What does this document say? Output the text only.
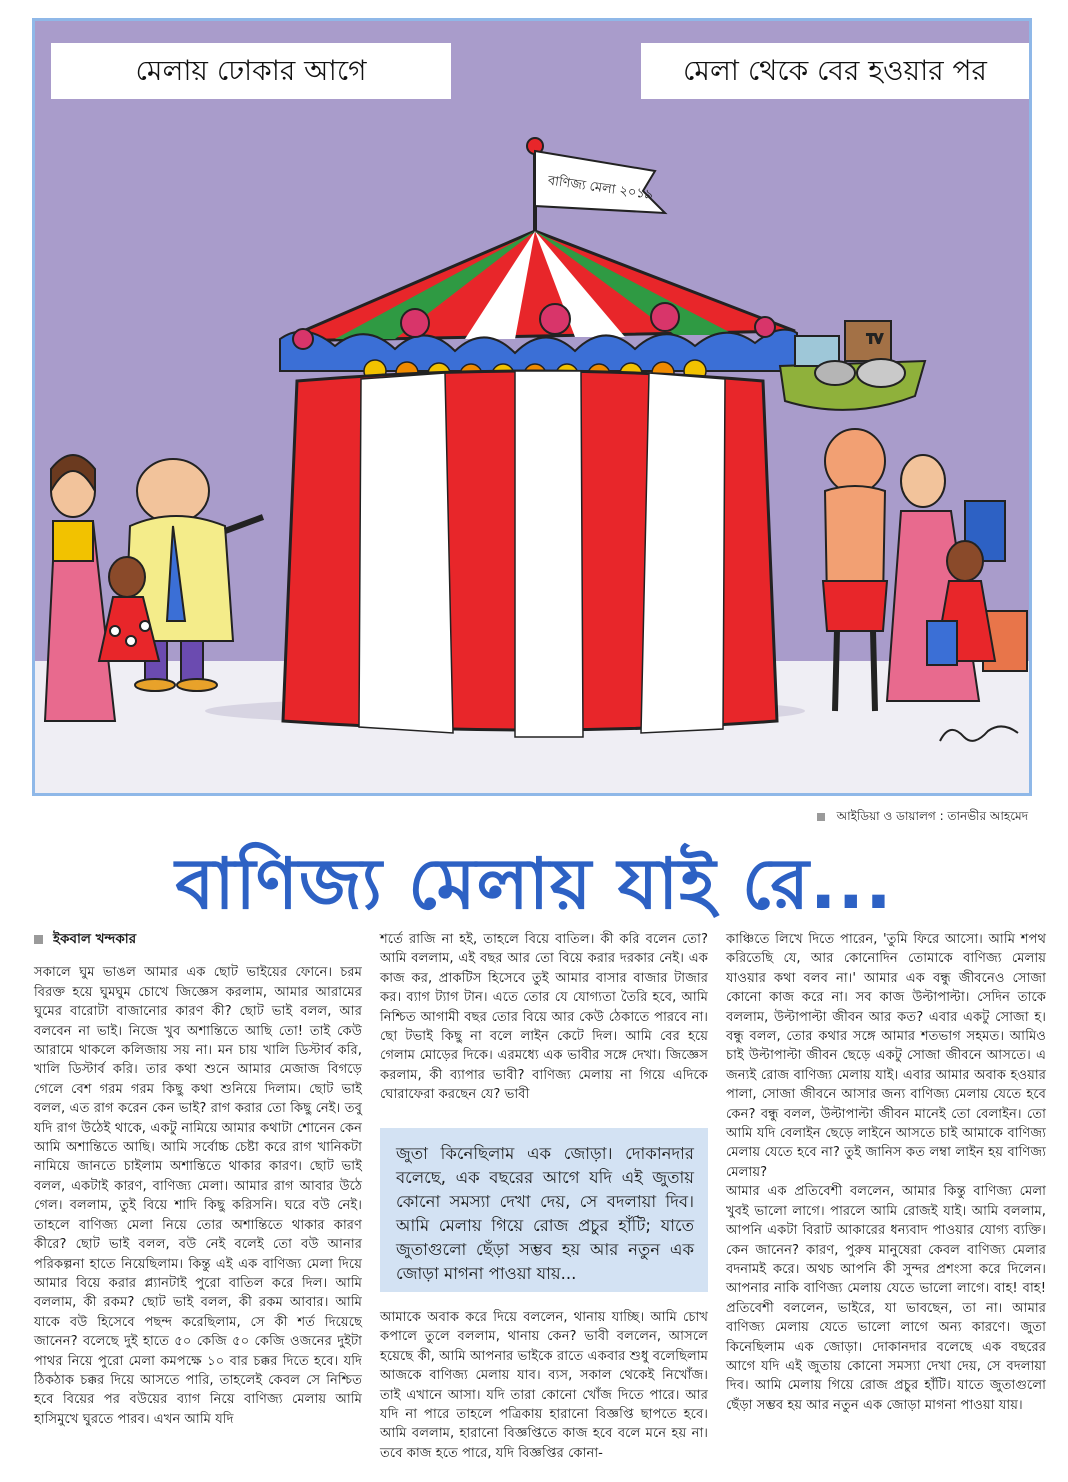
বাণিজ্য মেলা ২০১৯
TV
মেলায় ঢোকার আগে	মেলা থেকে বের হওয়ার পর
আইডিয়া ও ডায়ালগ : তানভীর আহমেদ
বাণিজ্য মেলায় যাই রে...
ইকবাল খন্দকার
সকালে ঘুম ভাঙল আমার এক ছোট ভাইয়ের ফোনে। চরম বিরক্ত হয়ে ঘুমঘুম চোখে জিজ্ঞেস করলাম, আমার আরামের ঘুমের বারোটা বাজানোর কারণ কী? ছোট ভাই বলল, আর বলবেন না ভাই। নিজে খুব অশান্তিতে আছি তো! তাই কেউ আরামে থাকলে কলিজায় সয় না। মন চায় খালি ডিস্টার্ব করি, খালি ডিস্টার্ব করি। তার কথা শুনে আমার মেজাজ বিগড়ে গেলে বেশ গরম গরম কিছু কথা শুনিয়ে দিলাম। ছোট ভাই বলল, এত রাগ করেন কেন ভাই? রাগ করার তো কিছু নেই। তবু যদি রাগ উঠেই থাকে, একটু নামিয়ে আমার কথাটা শোনেন কেন আমি অশান্তিতে আছি। আমি সর্বোচ্চ চেষ্টা করে রাগ খানিকটা নামিয়ে জানতে চাইলাম অশান্তিতে থাকার কারণ। ছোট ভাই বলল, একটাই কারণ, বাণিজ্য মেলা। আমার রাগ আবার উঠে গেল। বললাম, তুই বিয়ে শাদি কিছু করিসনি। ঘরে বউ নেই। তাহলে বাণিজ্য মেলা নিয়ে তোর অশান্তিতে থাকার কারণ কীরে? ছোট ভাই বলল, বউ নেই বলেই তো বউ আনার পরিকল্পনা হাতে নিয়েছিলাম। কিন্তু এই এক বাণিজ্য মেলা দিয়ে আমার বিয়ে করার প্ল্যানটাই পুরো বাতিল করে দিল। আমি বললাম, কী রকম? ছোট ভাই বলল, কী রকম আবার। আমি যাকে বউ হিসেবে পছন্দ করেছিলাম, সে কী শর্ত দিয়েছে জানেন? বলেছে দুই হাতে ৫০ কেজি ৫০ কেজি ওজনের দুইটা পাথর নিয়ে পুরো মেলা কমপক্ষে ১০ বার চক্কর দিতে হবে। যদি ঠিকঠাক চক্কর দিয়ে আসতে পারি, তাহলেই কেবল সে নিশ্চিত হবে বিয়ের পর বউয়ের ব্যাগ নিয়ে বাণিজ্য মেলায় আমি হাসিমুখে ঘুরতে পারব। এখন আমি যদি
শর্তে রাজি না হই, তাহলে বিয়ে বাতিল। কী করি বলেন তো? আমি বললাম, এই বছর আর তো বিয়ে করার দরকার নেই। এক কাজ কর, প্রাকটিস হিসেবে তুই আমার বাসার বাজার টাজার কর। ব্যাগ ট্যাগ টান। এতে তোর যে যোগ্যতা তৈরি হবে, আমি নিশ্চিত আগামী বছর তোর বিয়ে আর কেউ ঠেকাতে পারবে না। ছো টভাই কিছু না বলে লাইন কেটে দিল। আমি বের হয়ে গেলাম মোড়ের দিকে। এরমধ্যে এক ভাবীর সঙ্গে দেখা। জিজ্ঞেস করলাম, কী ব্যাপার ভাবী? বাণিজ্য মেলায় না গিয়ে এদিকে ঘোরাফেরা করছেন যে? ভাবী
জুতা কিনেছিলাম এক জোড়া। দোকানদার বলেছে, এক বছরের আগে যদি এই জুতায় কোনো সমস্যা দেখা দেয়, সে বদলায়া দিব। আমি মেলায় গিয়ে রোজ প্রচুর হাঁটি; যাতে জুতাগুলো ছেঁড়া সম্ভব হয় আর নতুন এক জোড়া মাগনা পাওয়া যায়...
আমাকে অবাক করে দিয়ে বললেন, থানায় যাচ্ছি। আমি চোখ কপালে তুলে বললাম, থানায় কেন? ভাবী বললেন, আসলে হয়েছে কী, আমি আপনার ভাইকে রাতে একবার শুধু বলেছিলাম আজকে বাণিজ্য মেলায় যাব। ব্যস, সকাল থেকেই নিখোঁজ। তাই এখানে আসা। যদি তারা কোনো খোঁজ দিতে পারে। আর যদি না পারে তাহলে পত্রিকায় হারানো বিজ্ঞপ্তি ছাপতে হবে। আমি বললাম, হারানো বিজ্ঞপ্তিতে কাজ হবে বলে মনে হয় না। তবে কাজ হতে পারে, যদি বিজ্ঞপ্তির কোনা-
কাঞ্চিতে লিখে দিতে পারেন, 'তুমি ফিরে আসো। আমি শপথ করিতেছি যে, আর কোনোদিন তোমাকে বাণিজ্য মেলায় যাওয়ার কথা বলব না।' আমার এক বন্ধু জীবনেও সোজা কোনো কাজ করে না। সব কাজ উল্টাপাল্টা। সেদিন তাকে বললাম, উল্টাপাল্টা জীবন আর কত? এবার একটু সোজা হ। বন্ধু বলল, তোর কথার সঙ্গে আমার শতভাগ সহমত। আমিও চাই উল্টাপাল্টা জীবন ছেড়ে একটু সোজা জীবনে আসতে। এ জন্যই রোজ বাণিজ্য মেলায় যাই। এবার আমার অবাক হওয়ার পালা, সোজা জীবনে আসার জন্য বাণিজ্য মেলায় যেতে হবে কেন? বন্ধু বলল, উল্টাপাল্টা জীবন মানেই তো বেলাইন। তো আমি যদি বেলাইন ছেড়ে লাইনে আসতে চাই আমাকে বাণিজ্য মেলায় যেতে হবে না? তুই জানিস কত লম্বা লাইন হয় বাণিজ্য মেলায়?
আমার এক প্রতিবেশী বললেন, আমার কিন্তু বাণিজ্য মেলা খুবই ভালো লাগে। পারলে আমি রোজই যাই। আমি বললাম, আপনি একটা বিরাট আকারের ধন্যবাদ পাওয়ার যোগ্য ব্যক্তি। কেন জানেন? কারণ, পুরুষ মানুষেরা কেবল বাণিজ্য মেলার বদনামই করে। অথচ আপনি কী সুন্দর প্রশংসা করে দিলেন। আপনার নাকি বাণিজ্য মেলায় যেতে ভালো লাগে। বাহ! বাহ! প্রতিবেশী বললেন, ভাইরে, যা ভাবছেন, তা না। আমার বাণিজ্য মেলায় যেতে ভালো লাগে অন্য কারণে। জুতা কিনেছিলাম এক জোড়া। দোকানদার বলেছে এক বছরের আগে যদি এই জুতায় কোনো সমস্যা দেখা দেয়, সে বদলায়া দিব। আমি মেলায় গিয়ে রোজ প্রচুর হাঁটি। যাতে জুতাগুলো ছেঁড়া সম্ভব হয় আর নতুন এক জোড়া মাগনা পাওয়া যায়।
